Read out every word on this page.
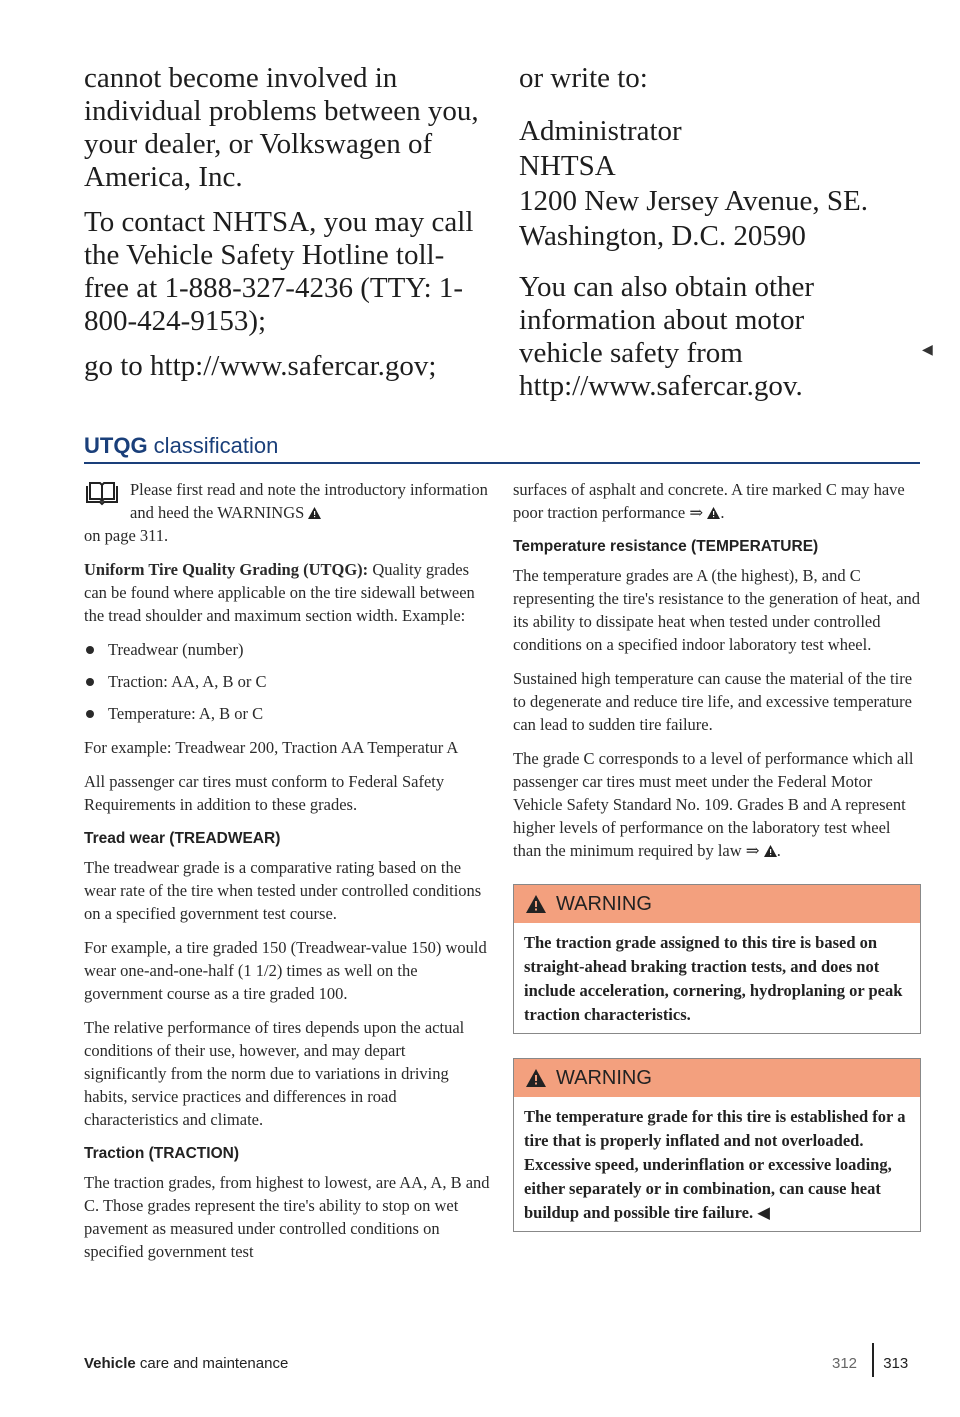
cannot become involved in individual problems between you, your dealer, or Volkswagen of America, Inc.

To contact NHTSA, you may call the Vehicle Safety Hotline toll-free at 1-888-327-4236 (TTY: 1-800-424-9153);

go to http://www.safercar.gov;

or write to:

Administrator

NHTSA

1200 New Jersey Avenue, SE.

Washington, D.C. 20590

You can also obtain other information about motor vehicle safety from http://www.safercar.gov.

◀
UTQG classification

Please first read and note the introductory information and heed the WARNINGS
on page 311.

Uniform Tire Quality Grading (UTQG): Quality grades can be found where applicable on the tire sidewall between the tread shoulder and maximum section width. Example:

Treadwear (number)
Traction: AA, A, B or C
Temperature: A, B or C

For example: Treadwear 200, Traction AA Temperatur A

All passenger car tires must conform to Federal Safety Requirements in addition to these grades.

Tread wear (TREADWEAR)

The treadwear grade is a comparative rating based on the wear rate of the tire when tested under controlled conditions on a specified government test course.

For example, a tire graded 150 (Treadwear-value 150) would wear one-and-one-half (1 1/2) times as well on the government course as a tire graded 100.

The relative performance of tires depends upon the actual conditions of their use, however, and may depart significantly from the norm due to variations in driving habits, service practices and differences in road characteristics and climate.

Traction (TRACTION)

The traction grades, from highest to lowest, are AA, A, B and C. Those grades represent the tire's ability to stop on wet pavement as measured under controlled conditions on specified government test

surfaces of asphalt and concrete. A tire marked C may have poor traction performance ⇒ .

Temperature resistance (TEMPERATURE)

The temperature grades are A (the highest), B, and C representing the tire's resistance to the generation of heat, and its ability to dissipate heat when tested under controlled conditions on a specified indoor laboratory test wheel.

Sustained high temperature can cause the material of the tire to degenerate and reduce tire life, and excessive temperature can lead to sudden tire failure.

The grade C corresponds to a level of performance which all passenger car tires must meet under the Federal Motor Vehicle Safety Standard No. 109. Grades B and A represent higher levels of performance on the laboratory test wheel than the minimum required by law ⇒ .

WARNING
The traction grade assigned to this tire is based on straight-ahead braking traction tests, and does not include acceleration, cornering, hydroplaning or peak traction characteristics.
WARNING
The temperature grade for this tire is established for a tire that is properly inflated and not overloaded. Excessive speed, underinflation or excessive loading, either separately or in combination, can cause heat buildup and possible tire failure. ◀
Vehicle care and maintenance	312 313
